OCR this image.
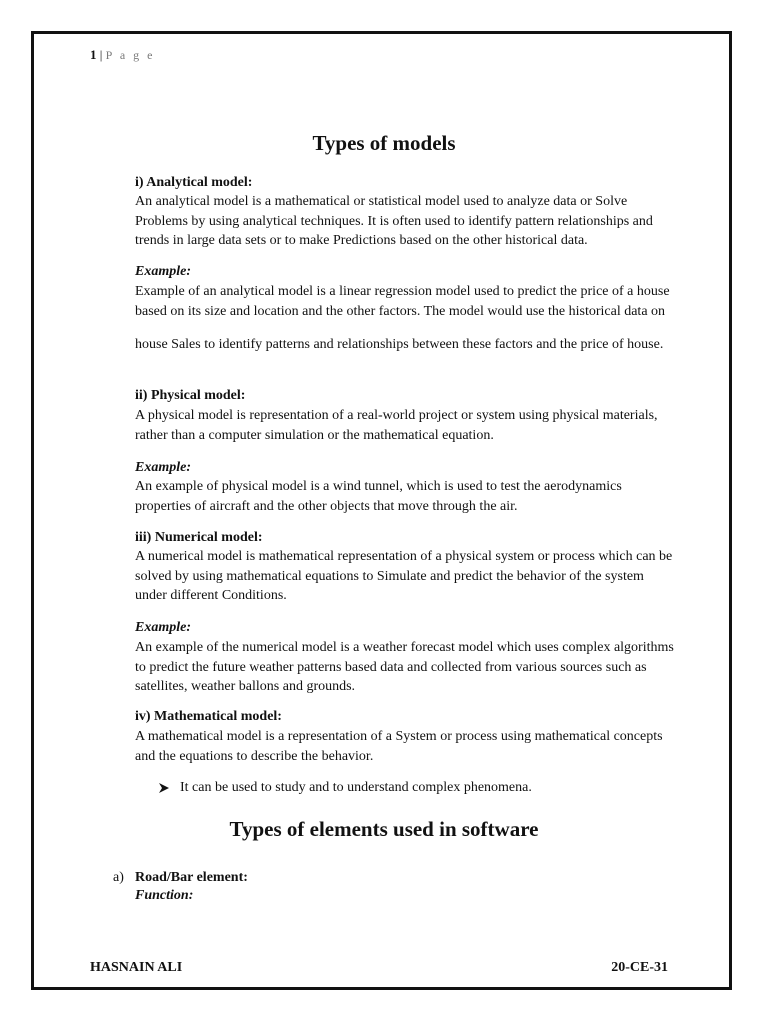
1 | P a g e
Types of models
i) Analytical model:
An analytical model is a mathematical or statistical model used to analyze data or Solve Problems by using analytical techniques. It is often used to identify pattern relationships and trends in large data sets or to make Predictions based on the other historical data.
Example:
Example of an analytical model is a linear regression model used to predict the price of a house based on its size and location and the other factors. The model would use the historical data on
house Sales to identify patterns and relationships between these factors and the price of house.
ii) Physical model:
A physical model is representation of a real-world project or system using physical materials, rather than a computer simulation or the mathematical equation.
Example:
An example of physical model is a wind tunnel, which is used to test the aerodynamics properties of aircraft and the other objects that move through the air.
iii) Numerical model:
A numerical model is mathematical representation of a physical system or process which can be solved by using mathematical equations to Simulate and predict the behavior of the system under different Conditions.
Example:
An example of the numerical model is a weather forecast model which uses complex algorithms to predict the future weather patterns based data and collected from various sources such as satellites, weather ballons and grounds.
iv) Mathematical model:
A mathematical model is a representation of a System or process using mathematical concepts and the equations to describe the behavior.
It can be used to study and to understand complex phenomena.
Types of elements used in software
a) Road/Bar element:
Function:
HASNAIN ALI	20-CE-31
